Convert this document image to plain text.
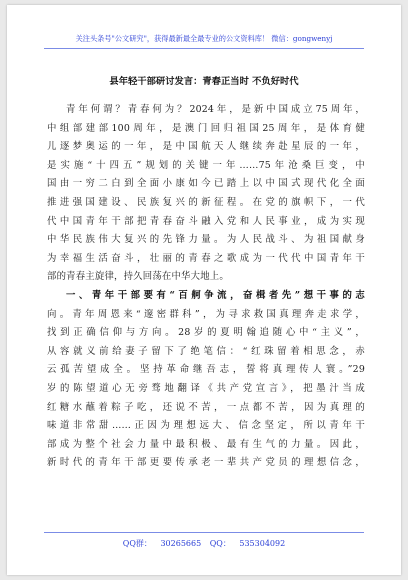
关注头条号"公文研究"，获得最新最全最专业的公文资料库！ 微信：gongwenyj
县年轻干部研讨发言：青春正当时 不负好时代
青年何谓？青春何为？2024年，是新中国成立75周年，
中组部建部100周年，是澳门回归祖国25周年，是体育健
儿逐梦奥运的一年，是中国航天人继续奔赴星辰的一年，
是实施“十四五”规划的关键一年……75年沧桑巨变，中
国由一穷二白到全面小康如今已踏上以中国式现代化全面
推进强国建设、民族复兴的新征程。在党的旗帜下，一代
代中国青年干部把青春奋斗融入党和人民事业，成为实现
中华民族伟大复兴的先锋力量。为人民战斗、为祖国献身
为幸福生活奋斗，壮丽的青春之歌成为一代代中国青年干
部的青春主旋律，持久回荡在中华大地上。
一、青年干部要有“百舸争流，奋楫者先”想干事的志
向。青年周恩来“邃密群科”，为寻求救国真理奔走求学，
找到正确信仰与方向。28岁的夏明翰追随心中“主义”，
从容就义前给妻子留下了绝笔信：“红珠留着相思念，赤
云孤苦望成全。坚持革命继吾志，誓将真理传人寰。”29
岁的陈望道心无旁骛地翻译《共产党宣言》，把墨汁当成
红糖水蘸着粽子吃，还说不苦，一点都不苦，因为真理的
味道非常甜……正因为理想远大、信念坚定，所以青年干
部成为整个社会力量中最积极、最有生气的力量。因此，
新时代的青年干部更要传承老一辈共产党员的理想信念，
QQ群： 30265665 QQ： 535304092
